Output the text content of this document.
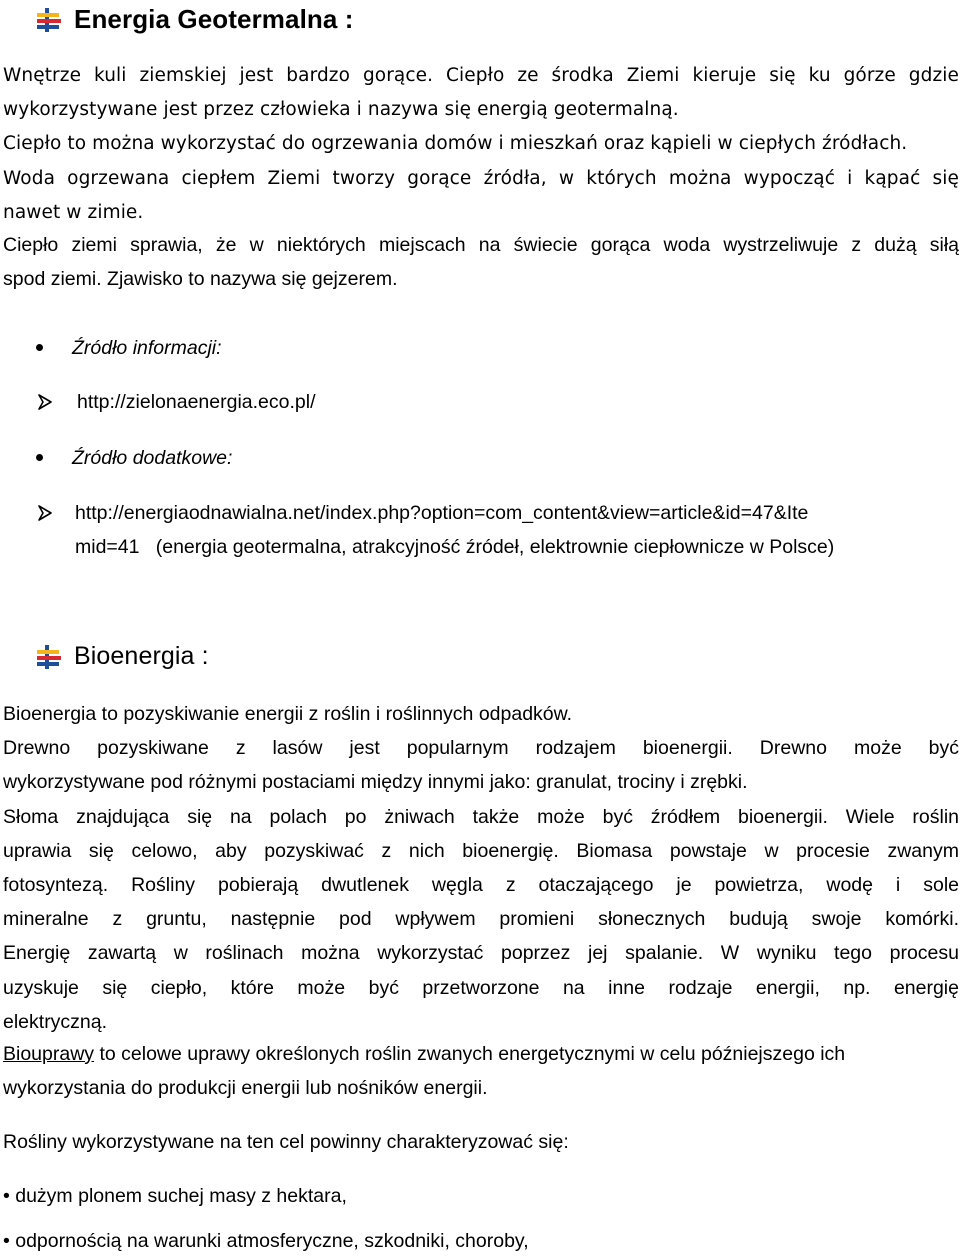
Energia Geotermalna :
Wnętrze kuli ziemskiej jest bardzo gorące. Ciepło ze środka Ziemi kieruje się ku górze gdzie
wykorzystywane jest przez człowieka i nazywa się energią geotermalną.
Ciepło to można wykorzystać do ogrzewania domów i mieszkań oraz kąpieli w ciepłych źródłach.
Woda ogrzewana ciepłem Ziemi tworzy gorące źródła, w których można wypocząć i kąpać się
nawet w zimie.
Ciepło ziemi sprawia, że w niektórych miejscach na świecie gorąca woda wystrzeliwuje z dużą siłą
spod ziemi. Zjawisko to nazywa się gejzerem.
Źródło informacji:
http://zielonaenergia.eco.pl/
Źródło dodatkowe:
http://energiaodnawialna.net/index.php?option=com_content&view=article&id=47&Ite
mid=41   (energia geotermalna, atrakcyjność źródeł, elektrownie ciepłownicze w Polsce)
Bioenergia :
Bioenergia to pozyskiwanie energii z roślin i roślinnych odpadków.
Drewno pozyskiwane z lasów jest popularnym rodzajem bioenergii. Drewno może być
wykorzystywane pod różnymi postaciami między innymi jako: granulat, trociny i zrębki.
Słoma znajdująca się na polach po żniwach także może być źródłem bioenergii. Wiele roślin
uprawia się celowo, aby pozyskiwać z nich bioenergię. Biomasa powstaje w procesie zwanym
fotosyntezą. Rośliny pobierają dwutlenek węgla z otaczającego je powietrza, wodę i sole
mineralne z gruntu, następnie pod wpływem promieni słonecznych budują swoje komórki.
Energię zawartą w roślinach można wykorzystać poprzez jej spalanie. W wyniku tego procesu
uzyskuje się ciepło, które może być przetworzone na inne rodzaje energii, np. energię
elektryczną.
Biouprawy to celowe uprawy określonych roślin zwanych energetycznymi w celu późniejszego ich
wykorzystania do produkcji energii lub nośników energii.
Rośliny wykorzystywane na ten cel powinny charakteryzować się:
• dużym plonem suchej masy z hektara,
• odpornością na warunki atmosferyczne, szkodniki, choroby,
